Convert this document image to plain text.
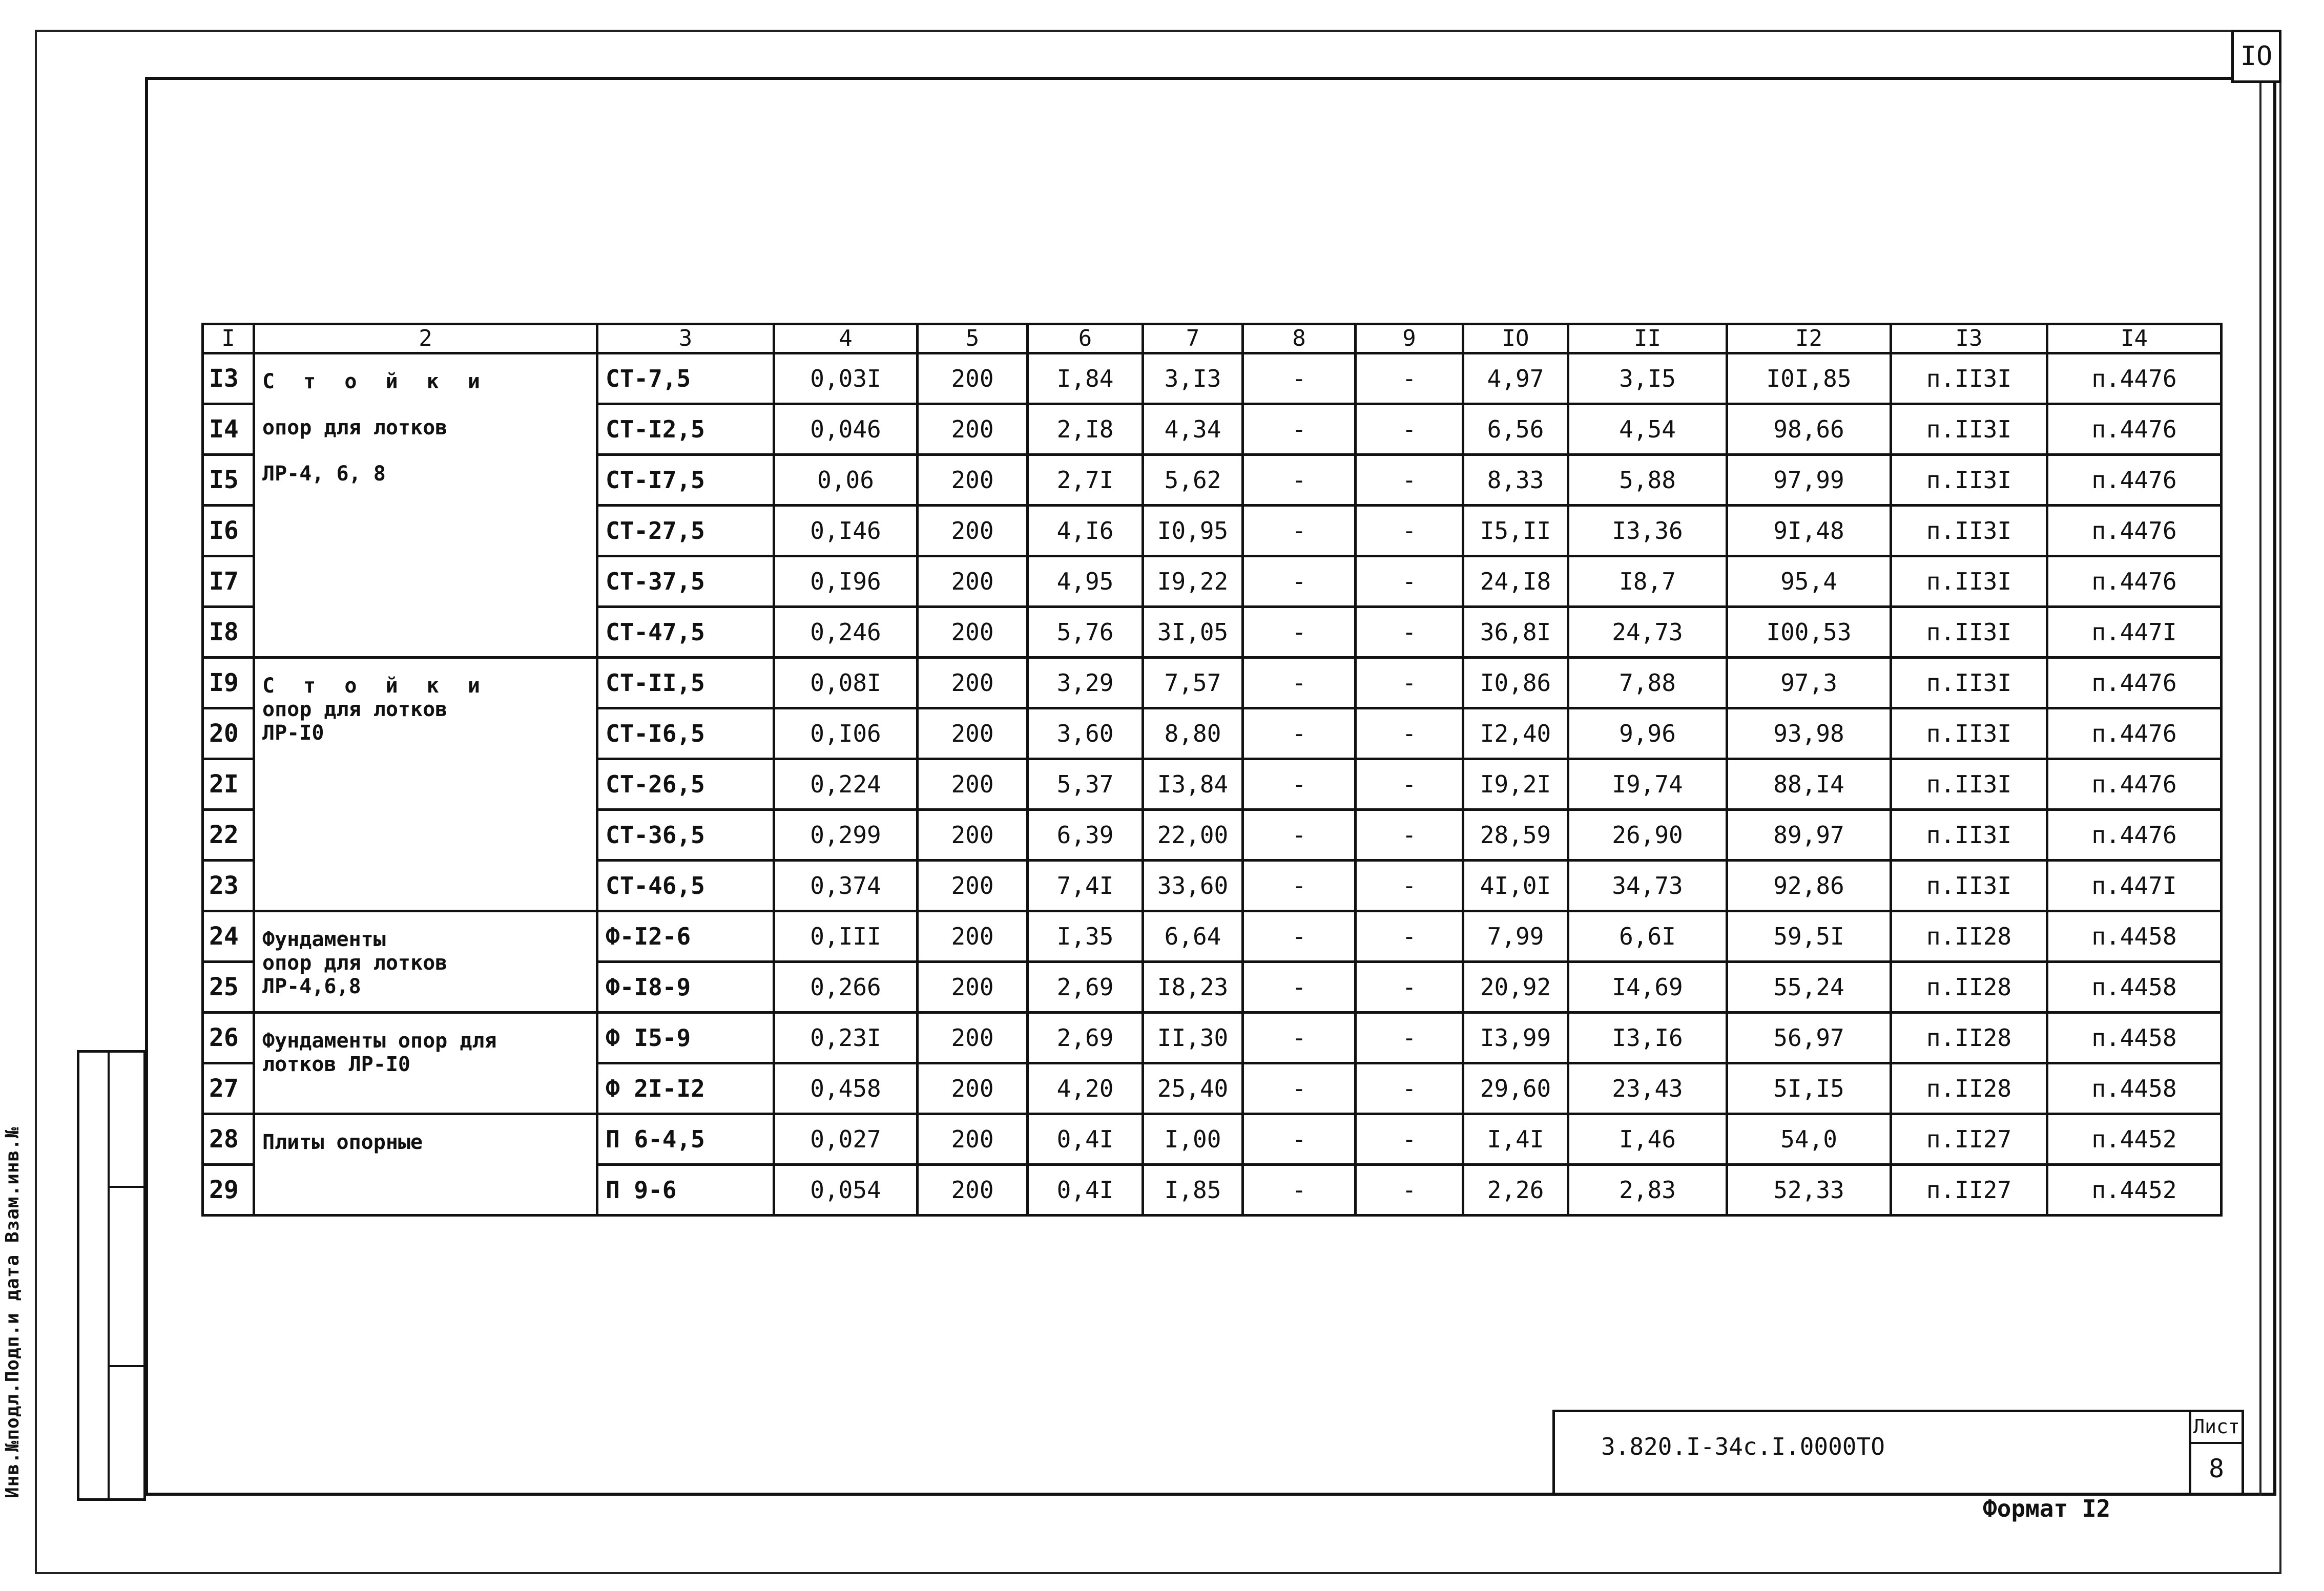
IO
Инв.№подл.Подп.и дата Взам.инв.№
I	2	3	4	5	6	7	8	9	IO	II	I2	I3	I4
I3	С т о й к и
опор для лотков
ЛР-4, 6, 8	СТ-7,5	0,03I	200	I,84	3,I3	-	-	4,97	3,I5	I0I,85	п.II3I	п.4476
I4		СТ-I2,5	0,046	200	2,I8	4,34	-	-	6,56	4,54	98,66	п.II3I	п.4476
I5		СТ-I7,5	0,06	200	2,7I	5,62	-	-	8,33	5,88	97,99	п.II3I	п.4476
I6		СТ-27,5	0,I46	200	4,I6	I0,95	-	-	I5,II	I3,36	9I,48	п.II3I	п.4476
I7		СТ-37,5	0,I96	200	4,95	I9,22	-	-	24,I8	I8,7	95,4	п.II3I	п.4476
I8		СТ-47,5	0,246	200	5,76	3I,05	-	-	36,8I	24,73	I00,53	п.II3I	п.447I
I9	С т о й к и
опор для лотков
ЛР-I0	СТ-II,5	0,08I	200	3,29	7,57	-	-	I0,86	7,88	97,3	п.II3I	п.4476
20		СТ-I6,5	0,I06	200	3,60	8,80	-	-	I2,40	9,96	93,98	п.II3I	п.4476
2I		СТ-26,5	0,224	200	5,37	I3,84	-	-	I9,2I	I9,74	88,I4	п.II3I	п.4476
22		СТ-36,5	0,299	200	6,39	22,00	-	-	28,59	26,90	89,97	п.II3I	п.4476
23		СТ-46,5	0,374	200	7,4I	33,60	-	-	4I,0I	34,73	92,86	п.II3I	п.447I
24	Фундаменты
опор для лотков
ЛР-4,6,8	Ф-I2-6	0,III	200	I,35	6,64	-	-	7,99	6,6I	59,5I	п.II28	п.4458
25		Ф-I8-9	0,266	200	2,69	I8,23	-	-	20,92	I4,69	55,24	п.II28	п.4458
26	Фундаменты опор для
лотков ЛР-I0	Ф I5-9	0,23I	200	2,69	II,30	-	-	I3,99	I3,I6	56,97	п.II28	п.4458
27		Ф 2I-I2	0,458	200	4,20	25,40	-	-	29,60	23,43	5I,I5	п.II28	п.4458
28	Плиты опорные	П 6-4,5	0,027	200	0,4I	I,00	-	-	I,4I	I,46	54,0	п.II27	п.4452
29		П 9-6	0,054	200	0,4I	I,85	-	-	2,26	2,83	52,33	п.II27	п.4452
3.820.I-34с.I.0000ТО
Лист
8
Формат I2
